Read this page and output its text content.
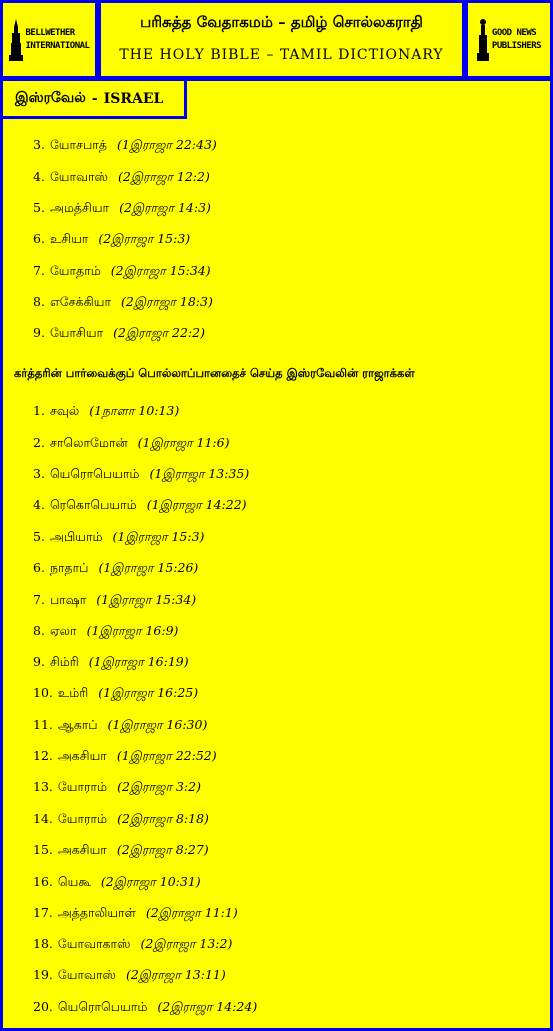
BELLWETHER
INTERNATIONAL
பரிசுத்த வேதாகமம் – தமிழ் சொல்லகராதி
THE HOLY BIBLE – TAMIL DICTIONARY
GOOD NEWS
PUBLISHERS
இஸ்ரவேல் - ISRAEL
3. யோசபாத் (1இராஜா 22:43)
4. யோவாஸ் (2இராஜா 12:2)
5. அமத்சியா (2இராஜா 14:3)
6. உசியா (2இராஜா 15:3)
7. யோதாம் (2இராஜா 15:34)
8. எசேக்கியா (2இராஜா 18:3)
9. யோசியா (2இராஜா 22:2)
கர்த்தரின் பார்வைக்குப் பொல்லாப்பானதைச் செய்த இஸ்ரவேலின் ராஜாக்கள்
1. சவுல் (1நாளா 10:13)
2. சாலொமோன் (1இராஜா 11:6)
3. யெரொபெயாம் (1இராஜா 13:35)
4. ரெகொபெயாம் (1இராஜா 14:22)
5. அபியாம் (1இராஜா 15:3)
6. நாதாப் (1இராஜா 15:26)
7. பாஷா (1இராஜா 15:34)
8. ஏலா (1இராஜா 16:9)
9. சிம்ரி (1இராஜா 16:19)
10. உம்ரி (1இராஜா 16:25)
11. ஆகாப் (1இராஜா 16:30)
12. அகசியா (1இராஜா 22:52)
13. யோராம் (2இராஜா 3:2)
14. யோராம் (2இராஜா 8:18)
15. அகசியா (2இராஜா 8:27)
16. யெகூ (2இராஜா 10:31)
17. அத்தாலியாள் (2இராஜா 11:1)
18. யோவாகாஸ் (2இராஜா 13:2)
19. யோவாஸ் (2இராஜா 13:11)
20. யெரொபெயாம் (2இராஜா 14:24)
